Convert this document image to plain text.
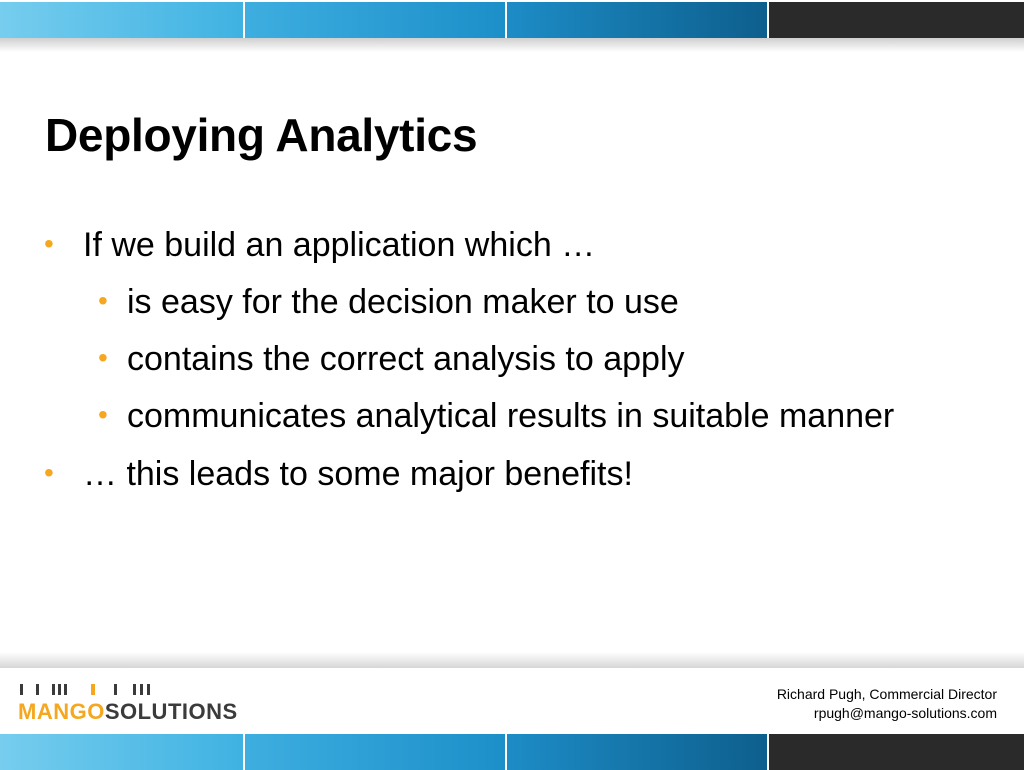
Deploying Analytics
• If we build an application which …
• is easy for the decision maker to use
• contains the correct analysis to apply
• communicates analytical results in suitable manner
• … this leads to some major benefits!
MANGOSOLUTIONS
Richard Pugh, Commercial Director
rpugh@mango-solutions.com
